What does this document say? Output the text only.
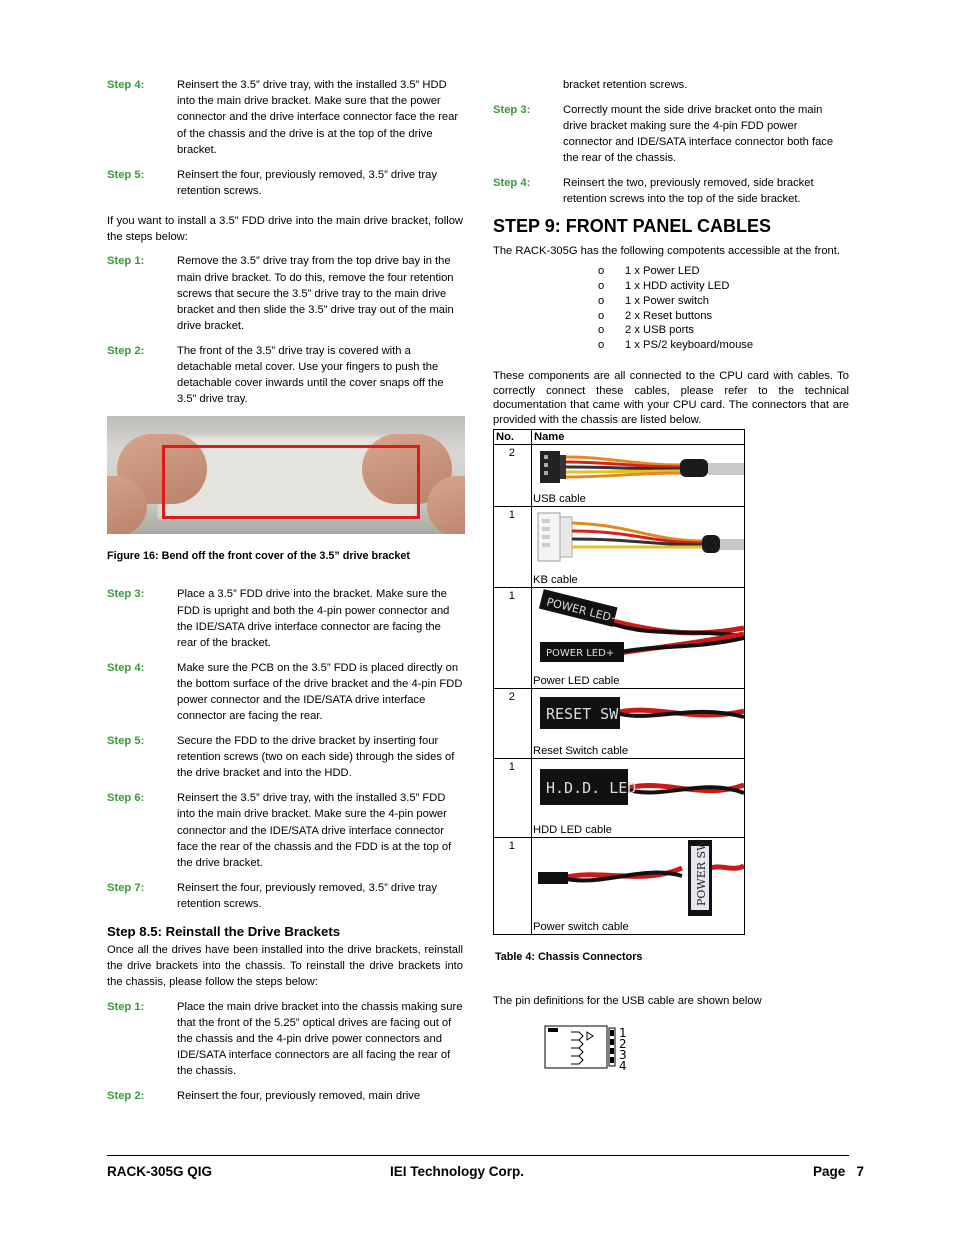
Step 4:	Reinsert the 3.5” drive tray, with the installed 3.5” HDD into the main drive bracket. Make sure that the power connector and the drive interface connector face the rear of the chassis and the drive is at the top of the drive bracket.
Step 5:	Reinsert the four, previously removed, 3.5” drive tray retention screws.

If you want to install a 3.5” FDD drive into the main drive bracket, follow the steps below:

Step 1:	Remove the 3.5” drive tray from the top drive bay in the main drive bracket. To do this, remove the four retention screws that secure the 3.5” drive tray to the main drive bracket and then slide the 3.5” drive tray out of the main drive bracket.
Step 2:	The front of the 3.5” drive tray is covered with a detachable metal cover. Use your fingers to push the detachable cover inwards until the cover snaps off the 3.5” drive tray.
Figure 16: Bend off the front cover of the 3.5” drive bracket
Step 3:	Place a 3.5” FDD drive into the bracket. Make sure the FDD is upright and both the 4-pin power connector and the IDE/SATA drive interface connector are facing the rear of the bracket.
Step 4:	Make sure the PCB on the 3.5” FDD is placed directly on the bottom surface of the drive bracket and the 4-pin FDD power connector and the IDE/SATA drive interface connector are facing the rear.
Step 5:	Secure the FDD to the drive bracket by inserting four retention screws (two on each side) through the sides of the drive bracket and into the HDD.
Step 6:	Reinsert the 3.5” drive tray, with the installed 3.5” FDD into the main drive bracket. Make sure the 4-pin power connector and the IDE/SATA drive interface connector face the rear of the chassis and the FDD is at the top of the drive bracket.
Step 7:	Reinsert the four, previously removed, 3.5” drive tray retention screws.
Step 8.5: Reinstall the Drive Brackets

Once all the drives have been installed into the drive brackets, reinstall the drive brackets into the chassis. To reinstall the drive brackets into the chassis, please follow the steps below:

Step 1:	Place the main drive bracket into the chassis making sure that the front of the 5.25” optical drives are facing out of the chassis and the 4-pin drive power connectors and IDE/SATA interface connectors are all facing the rear of the chassis.
Step 2:	Reinsert the four, previously removed, main drive
bracket retention screws.
Step 3:	Correctly mount the side drive bracket onto the main drive bracket making sure the 4-pin FDD power connector and IDE/SATA interface connector both face the rear of the chassis.
Step 4:	Reinsert the two, previously removed, side bracket retention screws into the top of the side bracket.
STEP 9: FRONT PANEL CABLES

The RACK-305G has the following compotents accessible at the front.

o	1 x Power LED
o	1 x HDD activity LED
o	1 x Power switch
o	2 x Reset buttons
o	2 x USB ports
o	1 x PS/2 keyboard/mouse

These components are all connected to the CPU card with cables. To correctly connect these cables, please refer to the technical documentation that came with your CPU card. The connectors that are provided with the chassis are listed below.

No.	Name
2	USB cable

1	KB cable

1	POWER LED−
POWER LED+
Power LED cable

2	RESET SW
Reset Switch cable

1	H.D.D. LED
HDD LED cable

1	POWER SW
Power switch cable
Table 4: Chassis Connectors
The pin definitions for the USB cable are shown below
1
2
3
4
RACK-305G QIG	IEI Technology Corp.	Page   7
